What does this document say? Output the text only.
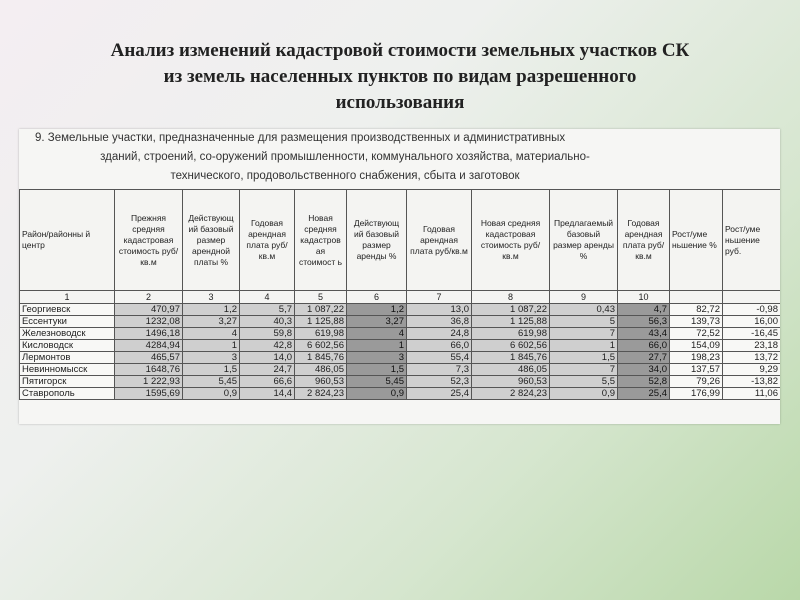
Анализ изменений кадастровой стоимости земельных участков СК
из земель населенных пунктов по видам разрешенного
использования
9. Земельные участки, предназначенные для размещения производственных и административных
зданий, строений, со-оружений промышленности, коммунального хозяйства, материально-
технического, продовольственного снабжения, сбыта и заготовок
Район/районны й центр	Прежняя средняя кадастровая стоимость руб/кв.м	Действующ ий базовый размер арендной платы %	Годовая арендная плата руб/кв.м	Новая средняя кадастров ая стоимост ь	Действующ ий базовый размер аренды %	Годовая арендная плата руб/кв.м	Новая средняя кадастровая стоимость руб/кв.м	Предлагаемый базовый размер аренды %	Годовая арендная плата руб/кв.м	Рост/уме ньшение %	Рост/уме ньшение руб.
1	2	3	4	5	6	7	8	9	10		
Георгиевск	470,97	1,2	5,7	1 087,22	1,2	13,0	1 087,22	0,43	4,7	82,72	-0,98
Ессентуки	1232,08	3,27	40,3	1 125,88	3,27	36,8	1 125,88	5	56,3	139,73	16,00
Железноводск	1496,18	4	59,8	619,98	4	24,8	619,98	7	43,4	72,52	-16,45
Кисловодск	4284,94	1	42,8	6 602,56	1	66,0	6 602,56	1	66,0	154,09	23,18
Лермонтов	465,57	3	14,0	1 845,76	3	55,4	1 845,76	1,5	27,7	198,23	13,72
Невинномысск	1648,76	1,5	24,7	486,05	1,5	7,3	486,05	7	34,0	137,57	9,29
Пятигорск	1 222,93	5,45	66,6	960,53	5,45	52,3	960,53	5,5	52,8	79,26	-13,82
Ставрополь	1595,69	0,9	14,4	2 824,23	0,9	25,4	2 824,23	0,9	25,4	176,99	11,06
